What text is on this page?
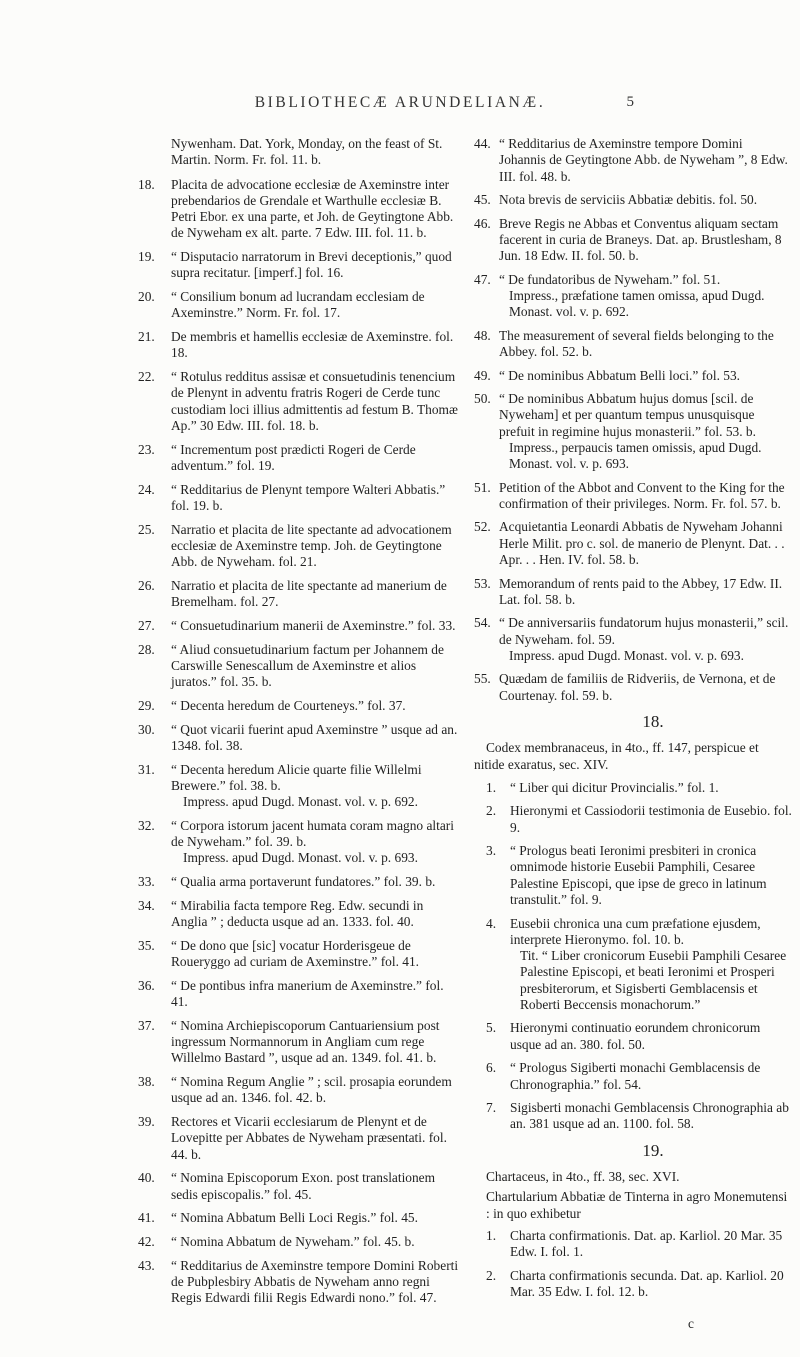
BIBLIOTHECÆ ARUNDELIANÆ.	5

Nywenham. Dat. York, Monday, on the feast of St. Martin. Norm. Fr. fol. 11. b.

18. Placita de advocatione ecclesiæ de Axeminstre inter prebendarios de Grendale et Warthulle ecclesiæ B. Petri Ebor. ex una parte, et Joh. de Geytingtone Abb. de Nyweham ex alt. parte. 7 Edw. III. fol. 11. b.

19. “ Disputacio narratorum in Brevi deceptionis,” quod supra recitatur. [imperf.] fol. 16.

20. “ Consilium bonum ad lucrandam ecclesiam de Axeminstre.” Norm. Fr. fol. 17.

21. De membris et hamellis ecclesiæ de Axeminstre. fol. 18.

22. “ Rotulus redditus assisæ et consuetudinis tenencium de Plenynt in adventu fratris Rogeri de Cerde tunc custodiam loci illius admittentis ad festum B. Thomæ Ap.” 30 Edw. III. fol. 18. b.

23. “ Incrementum post prædicti Rogeri de Cerde adventum.” fol. 19.

24. “ Redditarius de Plenynt tempore Walteri Abbatis.” fol. 19. b.

25. Narratio et placita de lite spectante ad advocationem ecclesiæ de Axeminstre temp. Joh. de Geytingtone Abb. de Nyweham. fol. 21.

26. Narratio et placita de lite spectante ad manerium de Bremelham. fol. 27.

27. “ Consuetudinarium manerii de Axeminstre.” fol. 33.

28. “ Aliud consuetudinarium factum per Johannem de Carswille Senescallum de Axeminstre et alios juratos.” fol. 35. b.

29. “ Decenta heredum de Courteneys.” fol. 37.

30. “ Quot vicarii fuerint apud Axeminstre ” usque ad an. 1348. fol. 38.

31. “ Decenta heredum Alicie quarte filie Willelmi Brewere.” fol. 38. b.

Impress. apud Dugd. Monast. vol. v. p. 692.

32. “ Corpora istorum jacent humata coram magno altari de Nyweham.” fol. 39. b.

Impress. apud Dugd. Monast. vol. v. p. 693.

33. “ Qualia arma portaverunt fundatores.” fol. 39. b.

34. “ Mirabilia facta tempore Reg. Edw. secundi in Anglia ” ; deducta usque ad an. 1333. fol. 40.

35. “ De dono que [sic] vocatur Horderisgeue de Roueryggo ad curiam de Axeminstre.” fol. 41.

36. “ De pontibus infra manerium de Axeminstre.” fol. 41.

37. “ Nomina Archiepiscoporum Cantuariensium post ingressum Normannorum in Angliam cum rege Willelmo Bastard ”, usque ad an. 1349. fol. 41. b.

38. “ Nomina Regum Anglie ” ; scil. prosapia eorundem usque ad an. 1346. fol. 42. b.

39. Rectores et Vicarii ecclesiarum de Plenynt et de Lovepitte per Abbates de Nyweham præsentati. fol. 44. b.

40. “ Nomina Episcoporum Exon. post translationem sedis episcopalis.” fol. 45.

41. “ Nomina Abbatum Belli Loci Regis.” fol. 45.

42. “ Nomina Abbatum de Nyweham.” fol. 45. b.

43. “ Redditarius de Axeminstre tempore Domini Roberti de Pubplesbiry Abbatis de Nyweham anno regni Regis Edwardi filii Regis Edwardi nono.” fol. 47.

44. “ Redditarius de Axeminstre tempore Domini Johannis de Geytingtone Abb. de Nyweham ”, 8 Edw. III. fol. 48. b.

45. Nota brevis de serviciis Abbatiæ debitis. fol. 50.

46. Breve Regis ne Abbas et Conventus aliquam sectam facerent in curia de Braneys. Dat. ap. Brustlesham, 8 Jun. 18 Edw. II. fol. 50. b.

47. “ De fundatoribus de Nyweham.” fol. 51.

Impress., præfatione tamen omissa, apud Dugd. Monast. vol. v. p. 692.

48. The measurement of several fields belonging to the Abbey. fol. 52. b.

49. “ De nominibus Abbatum Belli loci.” fol. 53.

50. “ De nominibus Abbatum hujus domus [scil. de Nyweham] et per quantum tempus unusquisque prefuit in regimine hujus monasterii.” fol. 53. b.

Impress., perpaucis tamen omissis, apud Dugd. Monast. vol. v. p. 693.

51. Petition of the Abbot and Convent to the King for the confirmation of their privileges. Norm. Fr. fol. 57. b.

52. Acquietantia Leonardi Abbatis de Nyweham Johanni Herle Milit. pro c. sol. de manerio de Plenynt. Dat. . . Apr. . . Hen. IV. fol. 58. b.

53. Memorandum of rents paid to the Abbey, 17 Edw. II. Lat. fol. 58. b.

54. “ De anniversariis fundatorum hujus monasterii,” scil. de Nyweham. fol. 59.

Impress. apud Dugd. Monast. vol. v. p. 693.

55. Quædam de familiis de Ridveriis, de Vernona, et de Courtenay. fol. 59. b.

18.

Codex membranaceus, in 4to., ff. 147, perspicue et nitide exaratus, sec. XIV.

1. “ Liber qui dicitur Provincialis.” fol. 1.

2. Hieronymi et Cassiodorii testimonia de Eusebio. fol. 9.

3. “ Prologus beati Ieronimi presbiteri in cronica omnimode historie Eusebii Pamphili, Cesaree Palestine Episcopi, que ipse de greco in latinum transtulit.” fol. 9.

4. Eusebii chronica una cum præfatione ejusdem, interprete Hieronymo. fol. 10. b.

Tit. “ Liber cronicorum Eusebii Pamphili Cesaree Palestine Episcopi, et beati Ieronimi et Prosperi presbiterorum, et Sigisberti Gemblacensis et Roberti Beccensis monachorum.”

5. Hieronymi continuatio eorundem chronicorum usque ad an. 380. fol. 50.

6. “ Prologus Sigiberti monachi Gemblacensis de Chronographia.” fol. 54.

7. Sigisberti monachi Gemblacensis Chronographia ab an. 381 usque ad an. 1100. fol. 58.

19.

Chartaceus, in 4to., ff. 38, sec. XVI.

Chartularium Abbatiæ de Tinterna in agro Monemutensi : in quo exhibetur

1. Charta confirmationis. Dat. ap. Karliol. 20 Mar. 35 Edw. I. fol. 1.

2. Charta confirmationis secunda. Dat. ap. Karliol. 20 Mar. 35 Edw. I. fol. 12. b.

c
